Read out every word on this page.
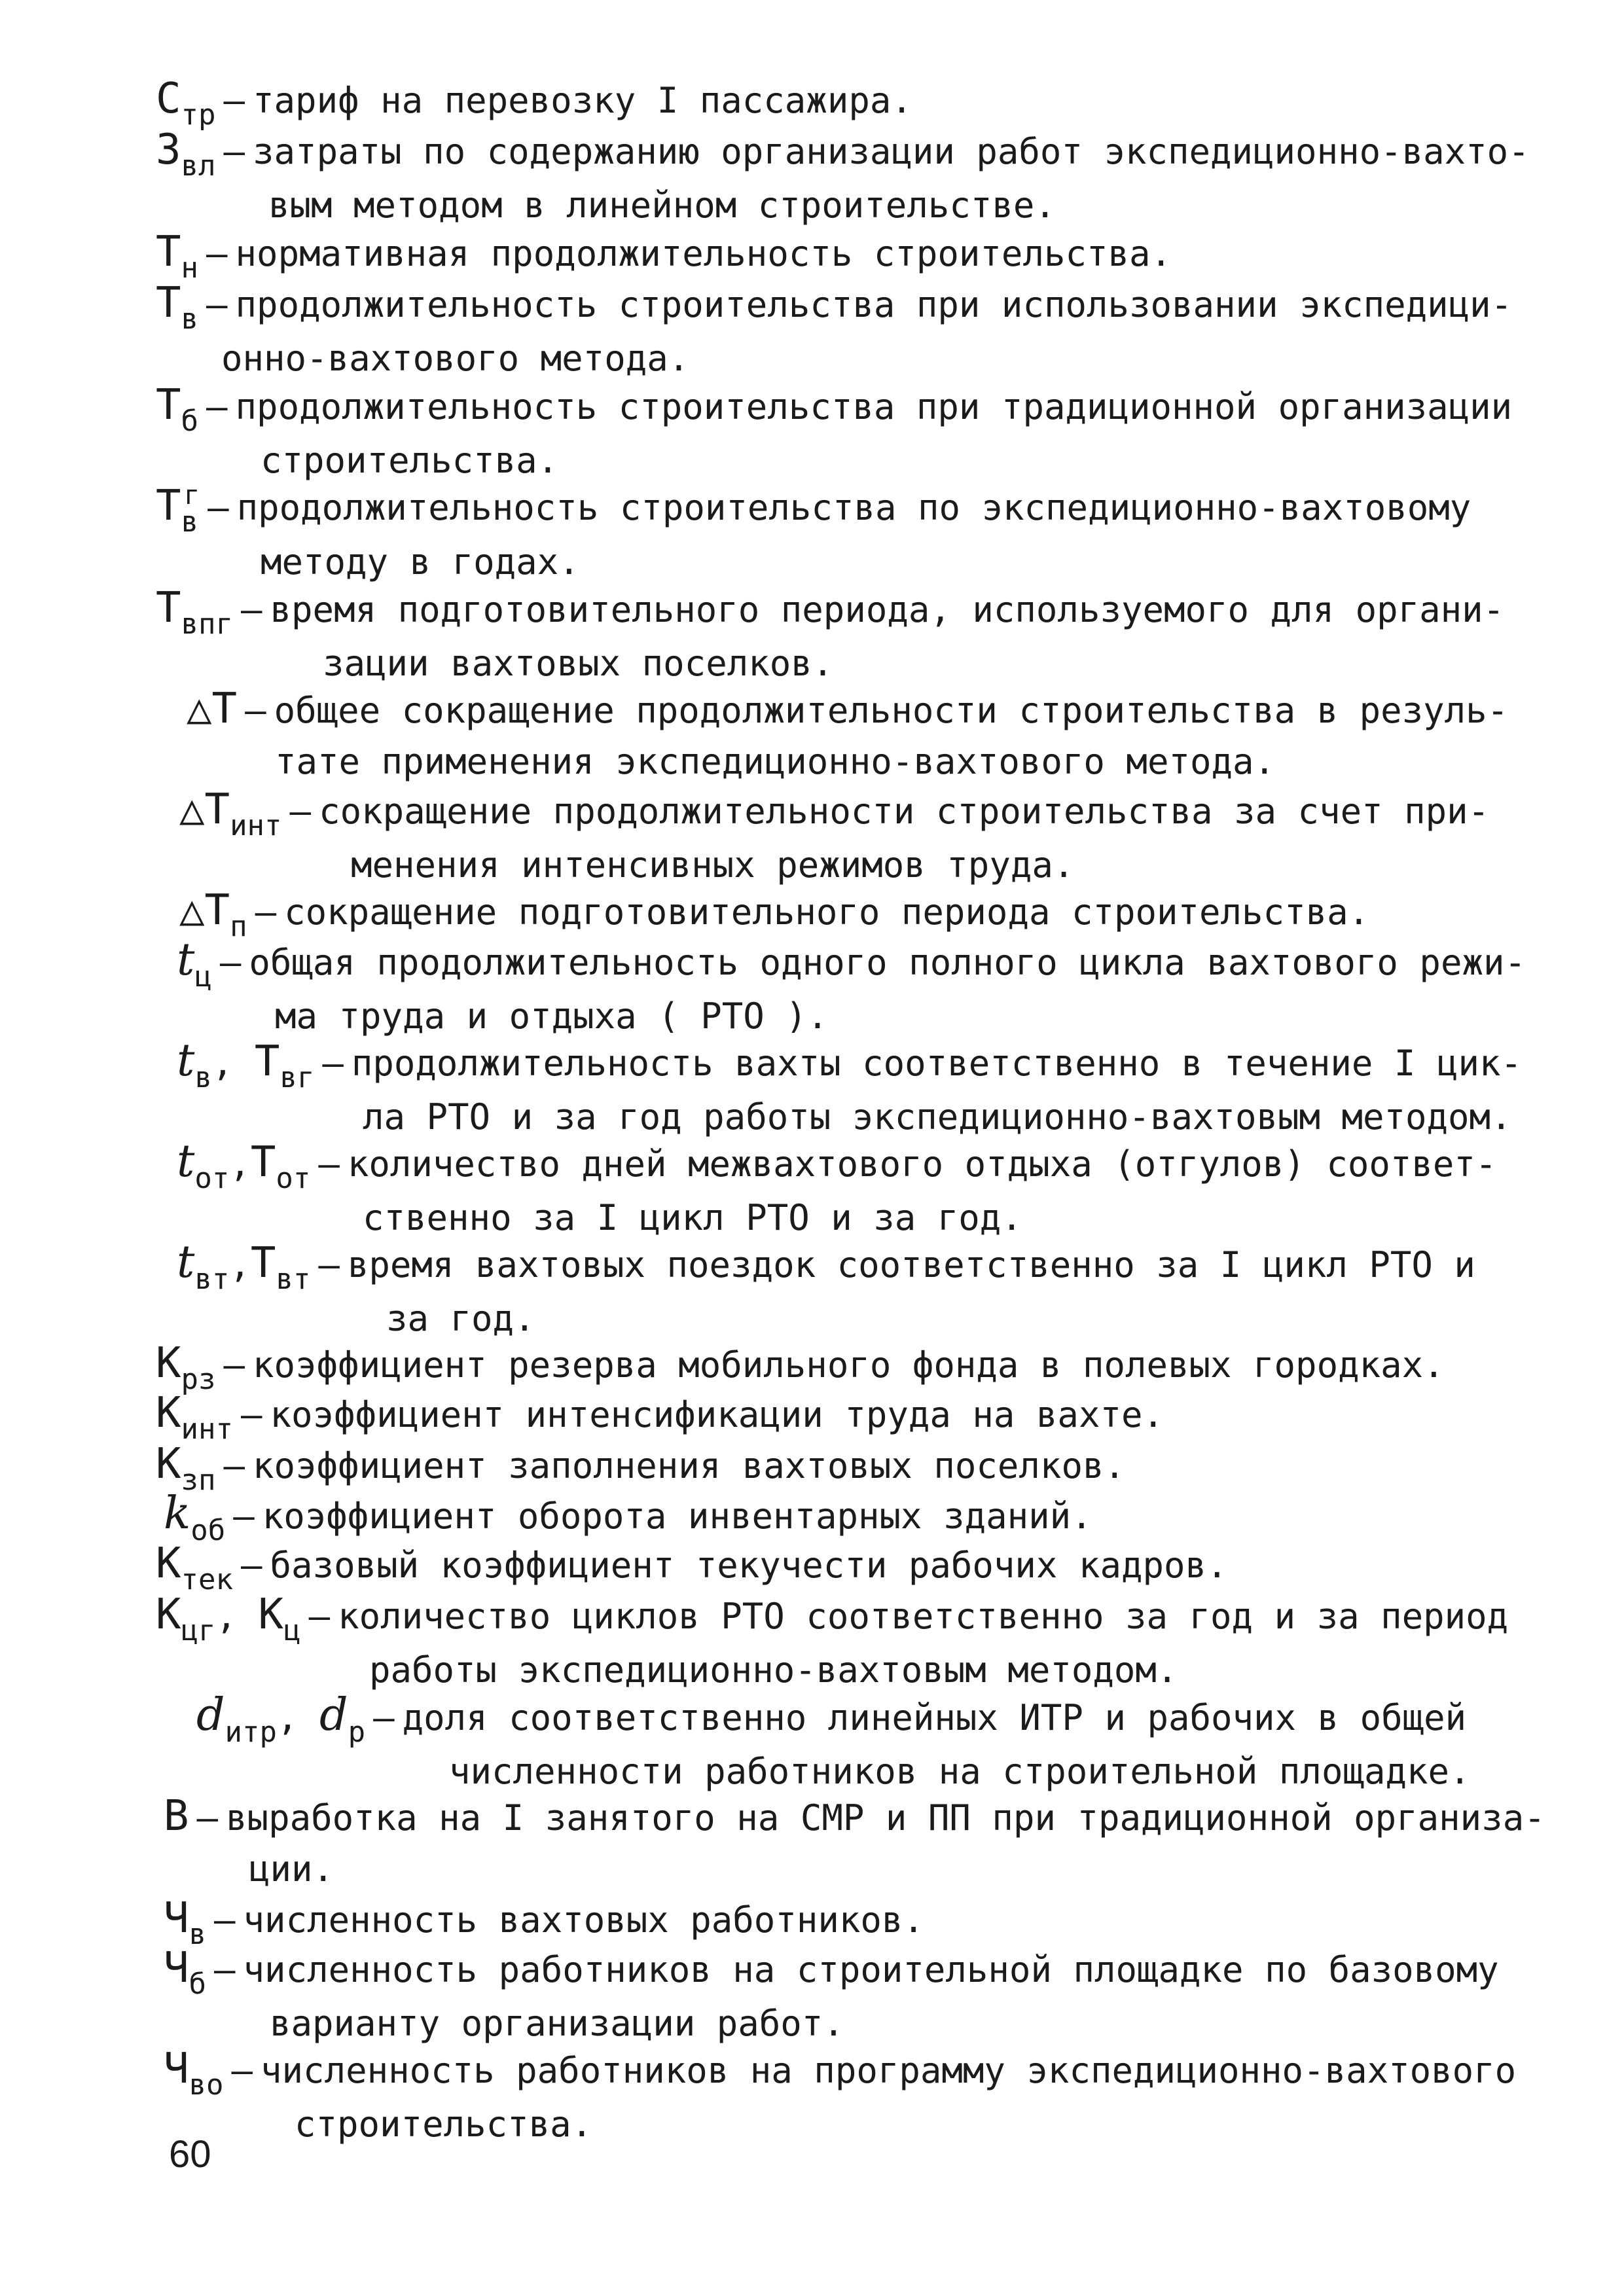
$С_{тр}$ – тариф на перевозку I пассажира.
$З_{вл}$ – затраты по содержанию организации работ экспедиционно-вахто-
вым методом в линейном строительстве.
$Т_н$ – нормативная продолжительность строительства.
$Т_в$ – продолжительность строительства при использовании экспедици-
онно-вахтового метода.
$Т_б$ – продолжительность строительства при традиционной организации
строительства.
$Т_в^г$ – продолжительность строительства по экспедиционно-вахтовому
методу в годах.
$Т_{впг}$ – время подготовительного периода, используемого для органи-
зации вахтовых поселков.
△Т – общее сокращение продолжительности строительства в резуль-
тате применения экспедиционно-вахтового метода.
$\triangle Т_{инт}$ – сокращение продолжительности строительства за счет при-
менения интенсивных режимов труда.
$\triangle Т_п$ – сокращение подготовительного периода строительства.
$t_ц$ – общая продолжительность одного полного цикла вахтового режи-
ма труда и отдыха ( РТО ).
$t_в$, $Т_{вг}$ – продолжительность вахты соответственно в течение I цик-
ла РТО и за год работы экспедиционно-вахтовым методом.
$t_{от},Т_{от}$ – количество дней межвахтового отдыха (отгулов) соответ-
ственно за I цикл РТО и за год.
$t_{вт},Т_{вт}$ – время вахтовых поездок соответственно за I цикл РТО и
за год.
$К_{рз}$ – коэффициент резерва мобильного фонда в полевых городках.
$К_{инт}$ – коэффициент интенсификации труда на вахте.
$К_{зп}$ – коэффициент заполнения вахтовых поселков.
$k_{об}$ – коэффициент оборота инвентарных зданий.
$К_{тек}$ – базовый коэффициент текучести рабочих кадров.
$К_{цг}$, $К_ц$ – количество циклов РТО соответственно за год и за период
работы экспедиционно-вахтовым методом.
$d_{итр}$, $d_р$ – доля соответственно линейных ИТР и рабочих в общей
численности работников на строительной площадке.
В – выработка на I занятого на СМР и ПП при традиционной организа-
ции.
$Ч_в$ – численность вахтовых работников.
$Ч_б$ – численность работников на строительной площадке по базовому
варианту организации работ.
$Ч_{во}$ – численность работников на программу экспедиционно-вахтового
строительства.
60
